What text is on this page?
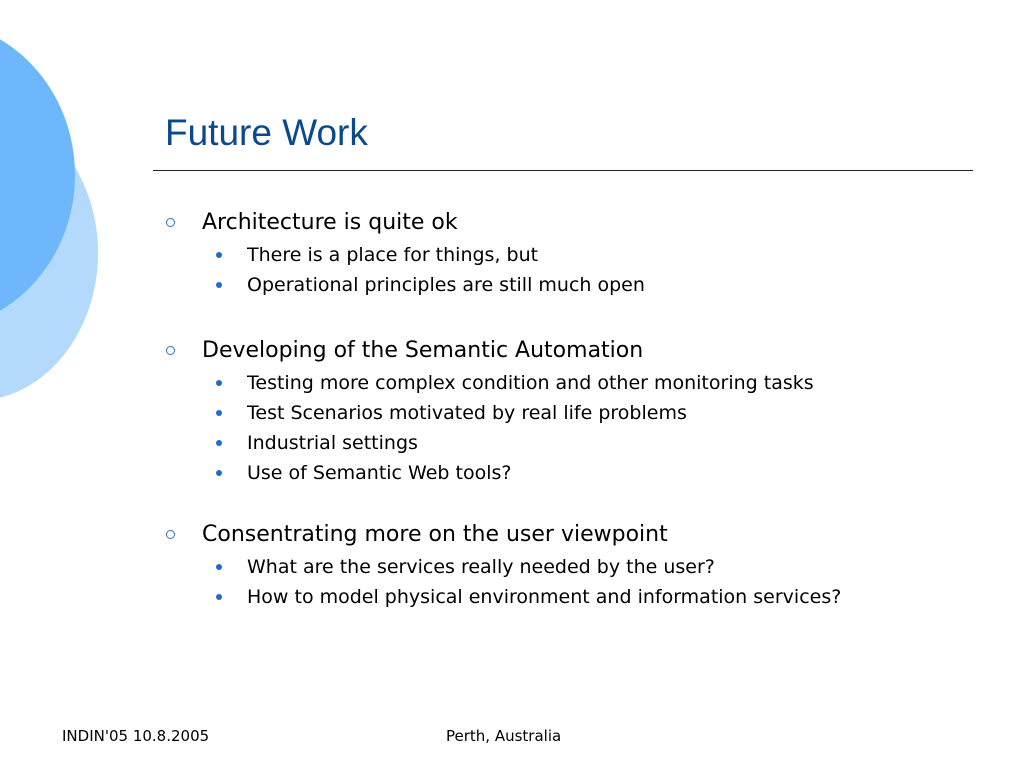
Future Work
Architecture is quite ok
There is a place for things, but
Operational principles are still much open
Developing of the Semantic Automation
Testing more complex condition and other monitoring tasks
Test Scenarios motivated by real life problems
Industrial settings
Use of Semantic Web tools?
Consentrating more on the user viewpoint
What are the services really needed by the user?
How to model physical environment and information services?
INDIN'05 10.8.2005	Perth, Australia
